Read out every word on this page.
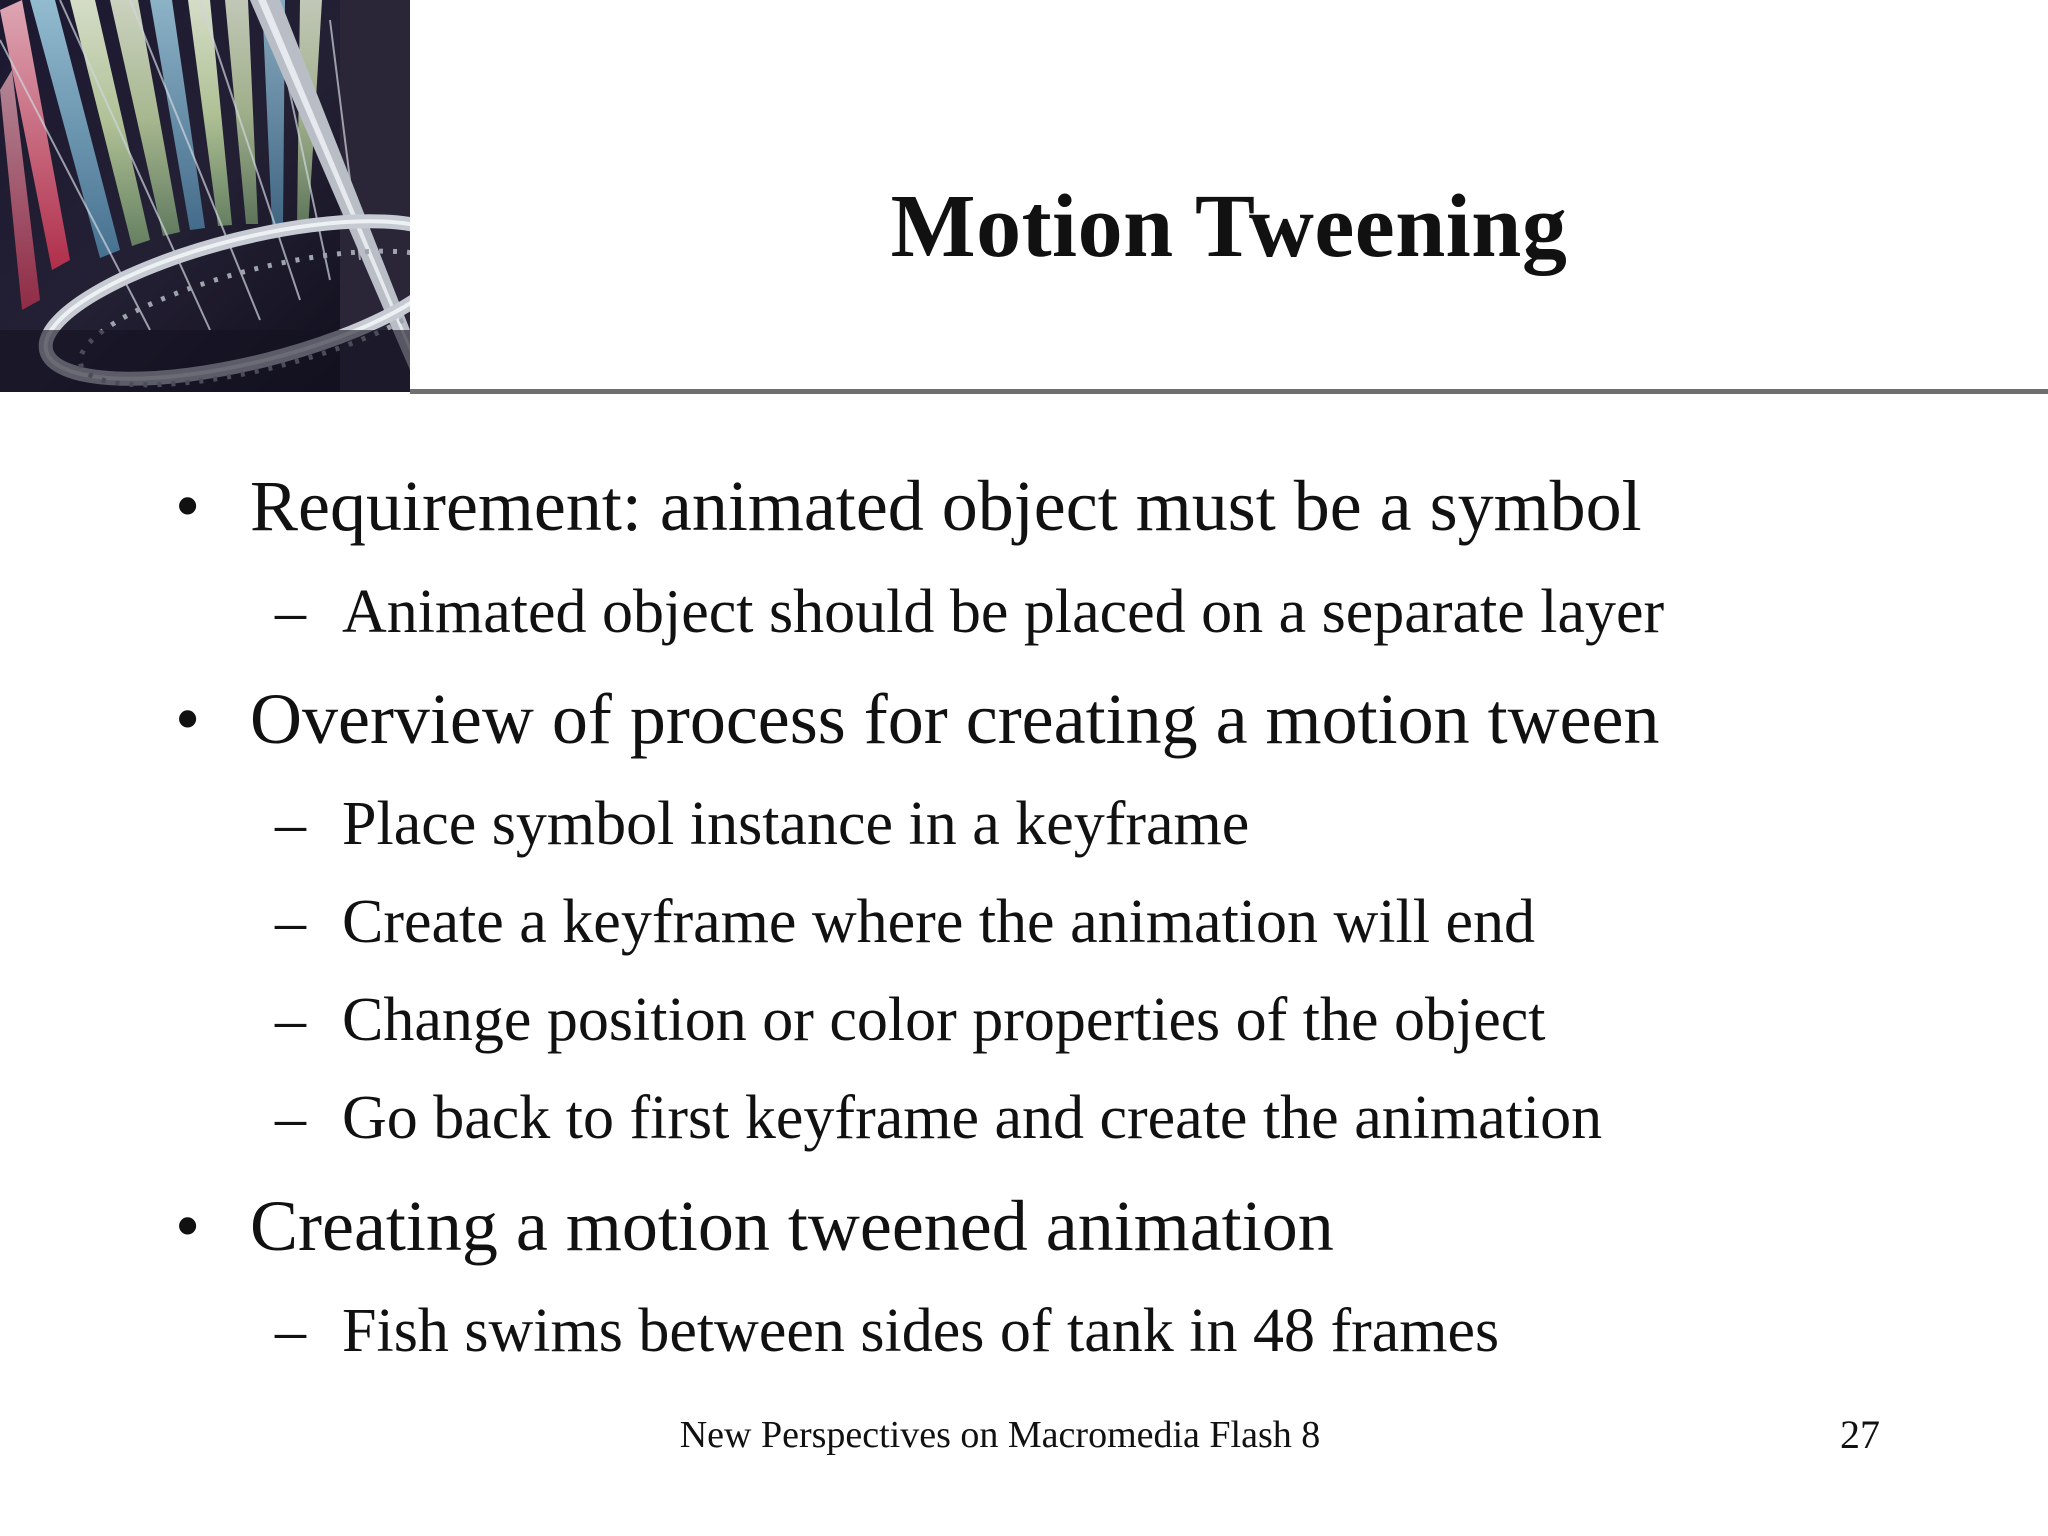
Motion Tweening
• Requirement: animated object must be a symbol
– Animated object should be placed on a separate layer
• Overview of process for creating a motion tween
– Place symbol instance in a keyframe
– Create a keyframe where the animation will end
– Change position or color properties of the object
– Go back to first keyframe and create the animation
• Creating a motion tweened animation
– Fish swims between sides of tank in 48 frames
New Perspectives on Macromedia Flash 8	27
